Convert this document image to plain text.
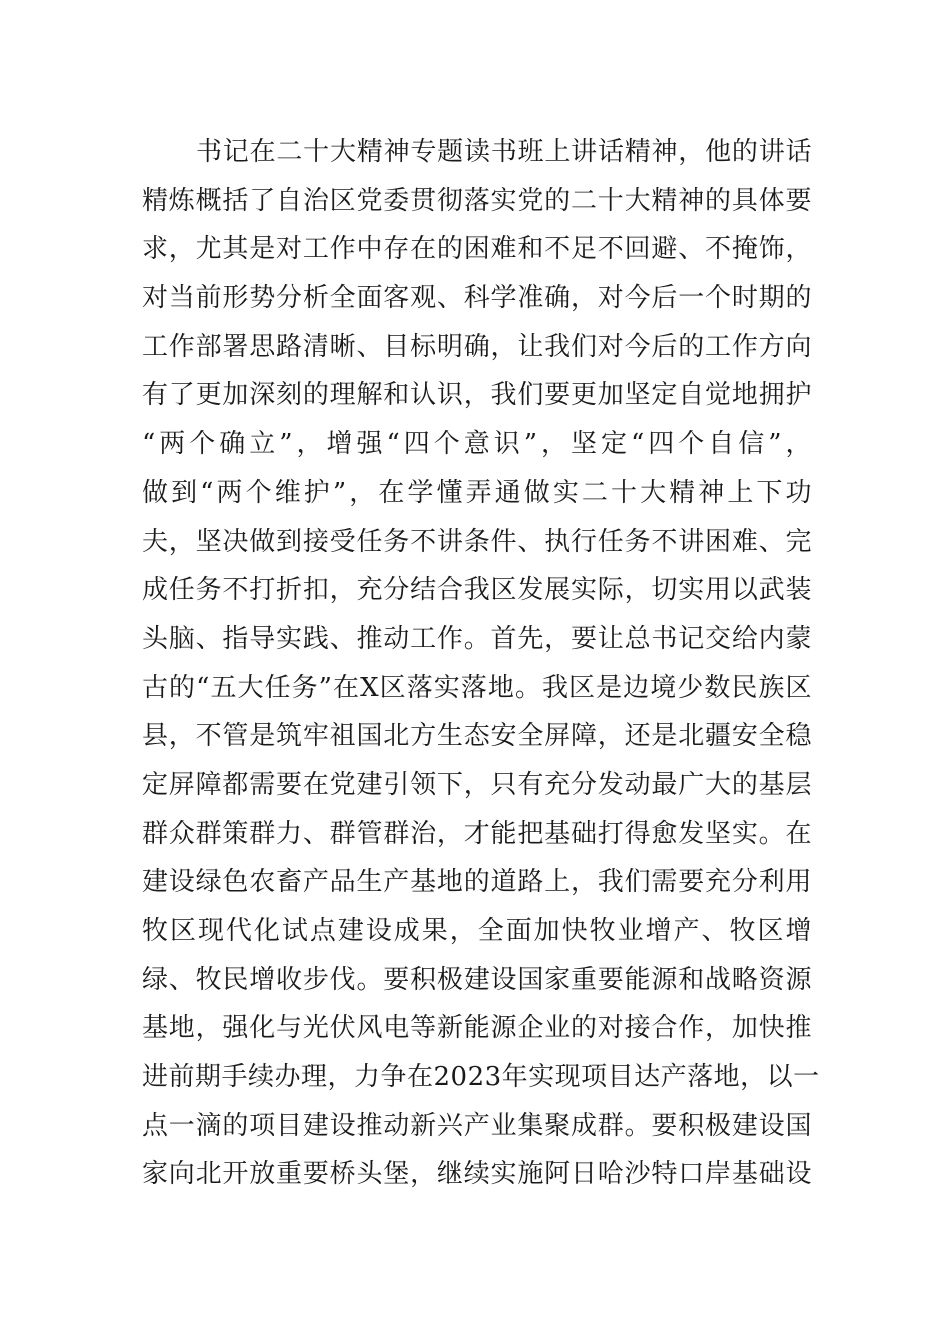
书记在二十大精神专题读书班上讲话精神，他的讲话
精炼概括了自治区党委贯彻落实党的二十大精神的具体要
求，尤其是对工作中存在的困难和不足不回避、不掩饰，
对当前形势分析全面客观、科学准确，对今后一个时期的
工作部署思路清晰、目标明确，让我们对今后的工作方向
有了更加深刻的理解和认识，我们要更加坚定自觉地拥护
“两个确立”，增强“四个意识”，坚定“四个自信”，
做到“两个维护”，在学懂弄通做实二十大精神上下功
夫，坚决做到接受任务不讲条件、执行任务不讲困难、完
成任务不打折扣，充分结合我区发展实际，切实用以武装
头脑、指导实践、推动工作。首先，要让总书记交给内蒙
古的“五大任务”在X区落实落地。我区是边境少数民族区
县，不管是筑牢祖国北方生态安全屏障，还是北疆安全稳
定屏障都需要在党建引领下，只有充分发动最广大的基层
群众群策群力、群管群治，才能把基础打得愈发坚实。在
建设绿色农畜产品生产基地的道路上，我们需要充分利用
牧区现代化试点建设成果，全面加快牧业增产、牧区增
绿、牧民增收步伐。要积极建设国家重要能源和战略资源
基地，强化与光伏风电等新能源企业的对接合作，加快推
进前期手续办理，力争在2023年实现项目达产落地，以一
点一滴的项目建设推动新兴产业集聚成群。要积极建设国
家向北开放重要桥头堡，继续实施阿日哈沙特口岸基础设
